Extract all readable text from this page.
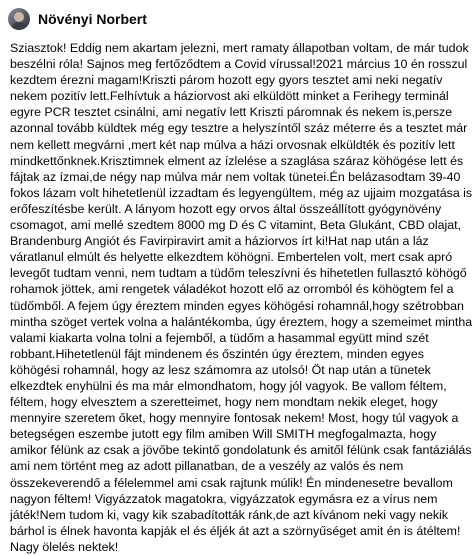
Növényi Norbert
Sziasztok! Eddig nem akartam jelezni, mert ramaty állapotban voltam, de már tudok
beszélni róla! Sajnos meg fertőződtem a Covid vírussal!2021 március 10 én rosszul
kezdtem érezni magam!Kriszti párom hozott egy gyors tesztet ami neki negatív
nekem pozitív lett.Felhívtuk a háziorvost aki elküldött minket a Ferihegy terminál
egyre PCR tesztet csinálni, ami negatív lett Kriszti páromnak és nekem is,persze
azonnal tovább küldtek még egy tesztre a helyszíntől száz méterre és a tesztet már
nem kellett megvárni ,mert két nap múlva a házi orvosnak elküldték és pozitív lett
mindkettőnknek.Krisztimnek elment az ízlelése a szaglása száraz köhögése lett és
fájtak az ízmai,de négy nap múlva már nem voltak tünetei.Én belázasodtam 39-40
fokos lázam volt hihetetlenül izzadtam és legyengültem, még az ujjaim mozgatása is
erőfeszítésbe került. A lányom hozott egy orvos által összeállított gyógynövény
csomagot, ami mellé szedtem 8000 mg D és C vitamint, Beta Glukánt, CBD olajat,
Brandenburg Angiót és Favirpiravirt amit a háziorvos írt ki!Hat nap után a láz
váratlanul elmúlt és helyette elkezdtem köhögni. Embertelen volt, mert csak apró
levegőt tudtam venni, nem tudtam a tüdőm teleszívni és hihetetlen fullasztó köhögő
rohamok jöttek, ami rengetek váladékot hozott elő az orromból és köhögtem fel a
tüdőmből. A fejem úgy éreztem minden egyes köhögési rohamnál,hogy szétrobban
mintha szöget vertek volna a halántékomba, úgy éreztem, hogy a szemeimet mintha
valami kiakarta volna tolni a fejemből, a tüdőm a hasammal együtt mind szét
robbant.Hihetetlenül fájt mindenem és őszintén úgy éreztem, minden egyes
köhögési rohamnál, hogy az lesz számomra az utolsó! Öt nap után a tünetek
elkezdtek enyhülni és ma már elmondhatom, hogy jól vagyok. Be vallom féltem,
féltem, hogy elvesztem a szeretteimet, hogy nem mondtam nekik eleget, hogy
mennyire szeretem őket, hogy mennyire fontosak nekem! Most, hogy túl vagyok a
betegségen eszembe jutott egy film amiben Will SMITH megfogalmazta, hogy
amikor félünk az csak a jövőbe tekintő gondolatunk és amitől félünk csak fantáziálás
ami nem történt meg az adott pillanatban, de a veszély az valós és nem
összekeverendő a félelemmel ami csak rajtunk múlik! Én mindenesetre bevallom
nagyon féltem! Vigyázzatok magatokra, vigyázzatok egymásra ez a vírus nem
játék!Nem tudom ki, vagy kik szabadították ránk,de azt kívánom neki vagy nekik
bárhol is élnek havonta kapják el és éljék át azt a szörnyűséget amit én is átéltem!
Nagy ölelés nektek!
